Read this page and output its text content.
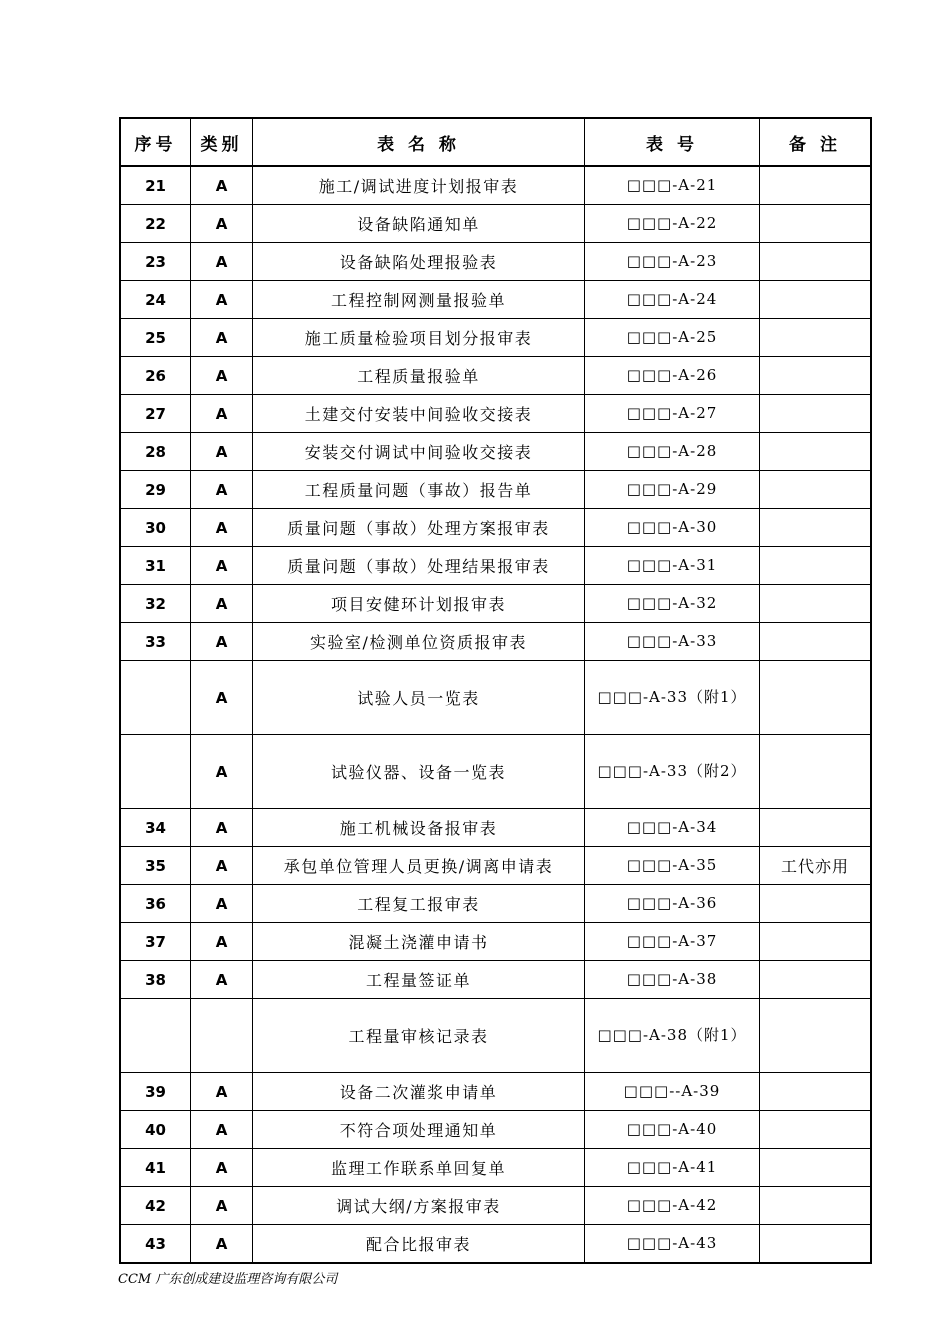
序号	类别	表 名 称	表 号	备 注
21	A	施工/调试进度计划报审表	□□□-A-21	
22	A	设备缺陷通知单	□□□-A-22	
23	A	设备缺陷处理报验表	□□□-A-23	
24	A	工程控制网测量报验单	□□□-A-24	
25	A	施工质量检验项目划分报审表	□□□-A-25	
26	A	工程质量报验单	□□□-A-26	
27	A	土建交付安装中间验收交接表	□□□-A-27	
28	A	安装交付调试中间验收交接表	□□□-A-28	
29	A	工程质量问题（事故）报告单	□□□-A-29	
30	A	质量问题（事故）处理方案报审表	□□□-A-30	
31	A	质量问题（事故）处理结果报审表	□□□-A-31	
32	A	项目安健环计划报审表	□□□-A-32	
33	A	实验室/检测单位资质报审表	□□□-A-33	
	A	试验人员一览表	□□□-A-33（附1）	
	A	试验仪器、设备一览表	□□□-A-33（附2）	
34	A	施工机械设备报审表	□□□-A-34	
35	A	承包单位管理人员更换/调离申请表	□□□-A-35	工代亦用
36	A	工程复工报审表	□□□-A-36	
37	A	混凝土浇灌申请书	□□□-A-37	
38	A	工程量签证单	□□□-A-38	
		工程量审核记录表	□□□-A-38（附1）	
39	A	设备二次灌浆申请单	□□□--A-39	
40	A	不符合项处理通知单	□□□-A-40	
41	A	监理工作联系单回复单	□□□-A-41	
42	A	调试大纲/方案报审表	□□□-A-42	
43	A	配合比报审表	□□□-A-43	
CCM 广东创成建设监理咨询有限公司
